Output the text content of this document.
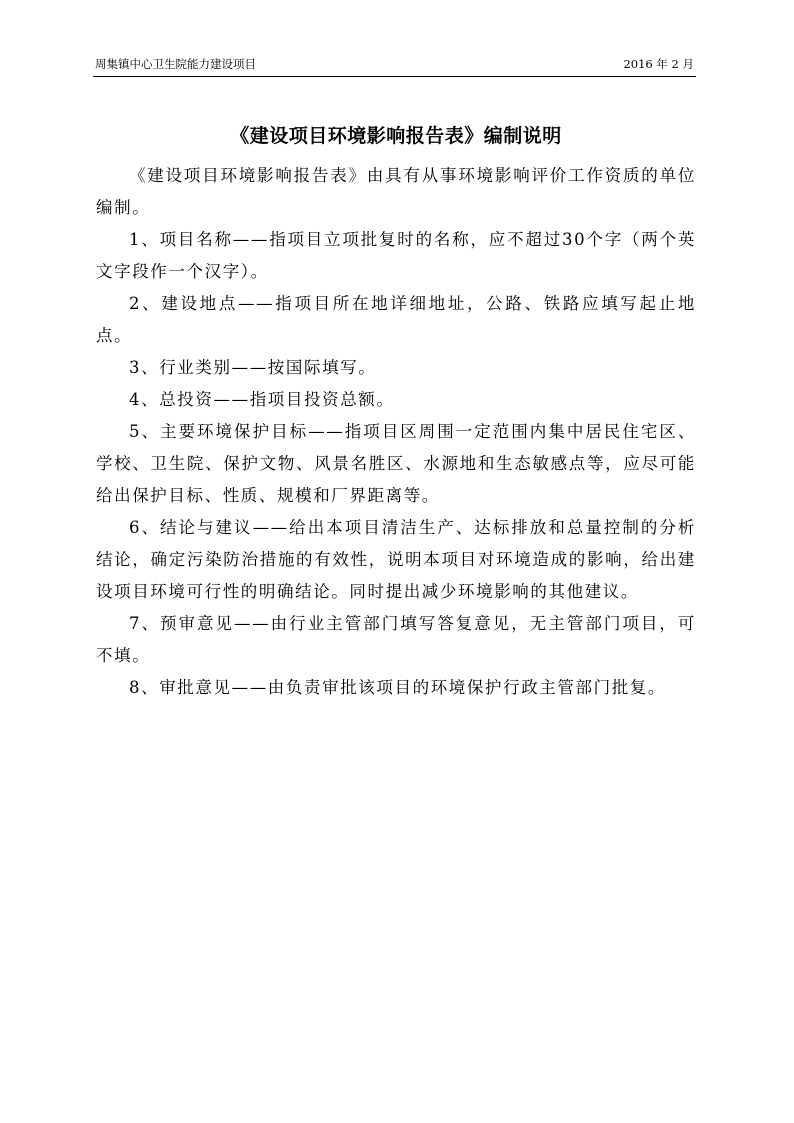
周集镇中心卫生院能力建设项目	2016 年 2 月
《建设项目环境影响报告表》编制说明

《建设项目环境影响报告表》由具有从事环境影响评价工作资质的单位编制。

1、项目名称——指项目立项批复时的名称，应不超过30个字（两个英文字段作一个汉字）。

2、建设地点——指项目所在地详细地址，公路、铁路应填写起止地点。

3、行业类别——按国际填写。

4、总投资——指项目投资总额。

5、主要环境保护目标——指项目区周围一定范围内集中居民住宅区、学校、卫生院、保护文物、风景名胜区、水源地和生态敏感点等，应尽可能给出保护目标、性质、规模和厂界距离等。

6、结论与建议——给出本项目清洁生产、达标排放和总量控制的分析结论，确定污染防治措施的有效性，说明本项目对环境造成的影响，给出建设项目环境可行性的明确结论。同时提出减少环境影响的其他建议。

7、预审意见——由行业主管部门填写答复意见，无主管部门项目，可不填。

8、审批意见——由负责审批该项目的环境保护行政主管部门批复。
